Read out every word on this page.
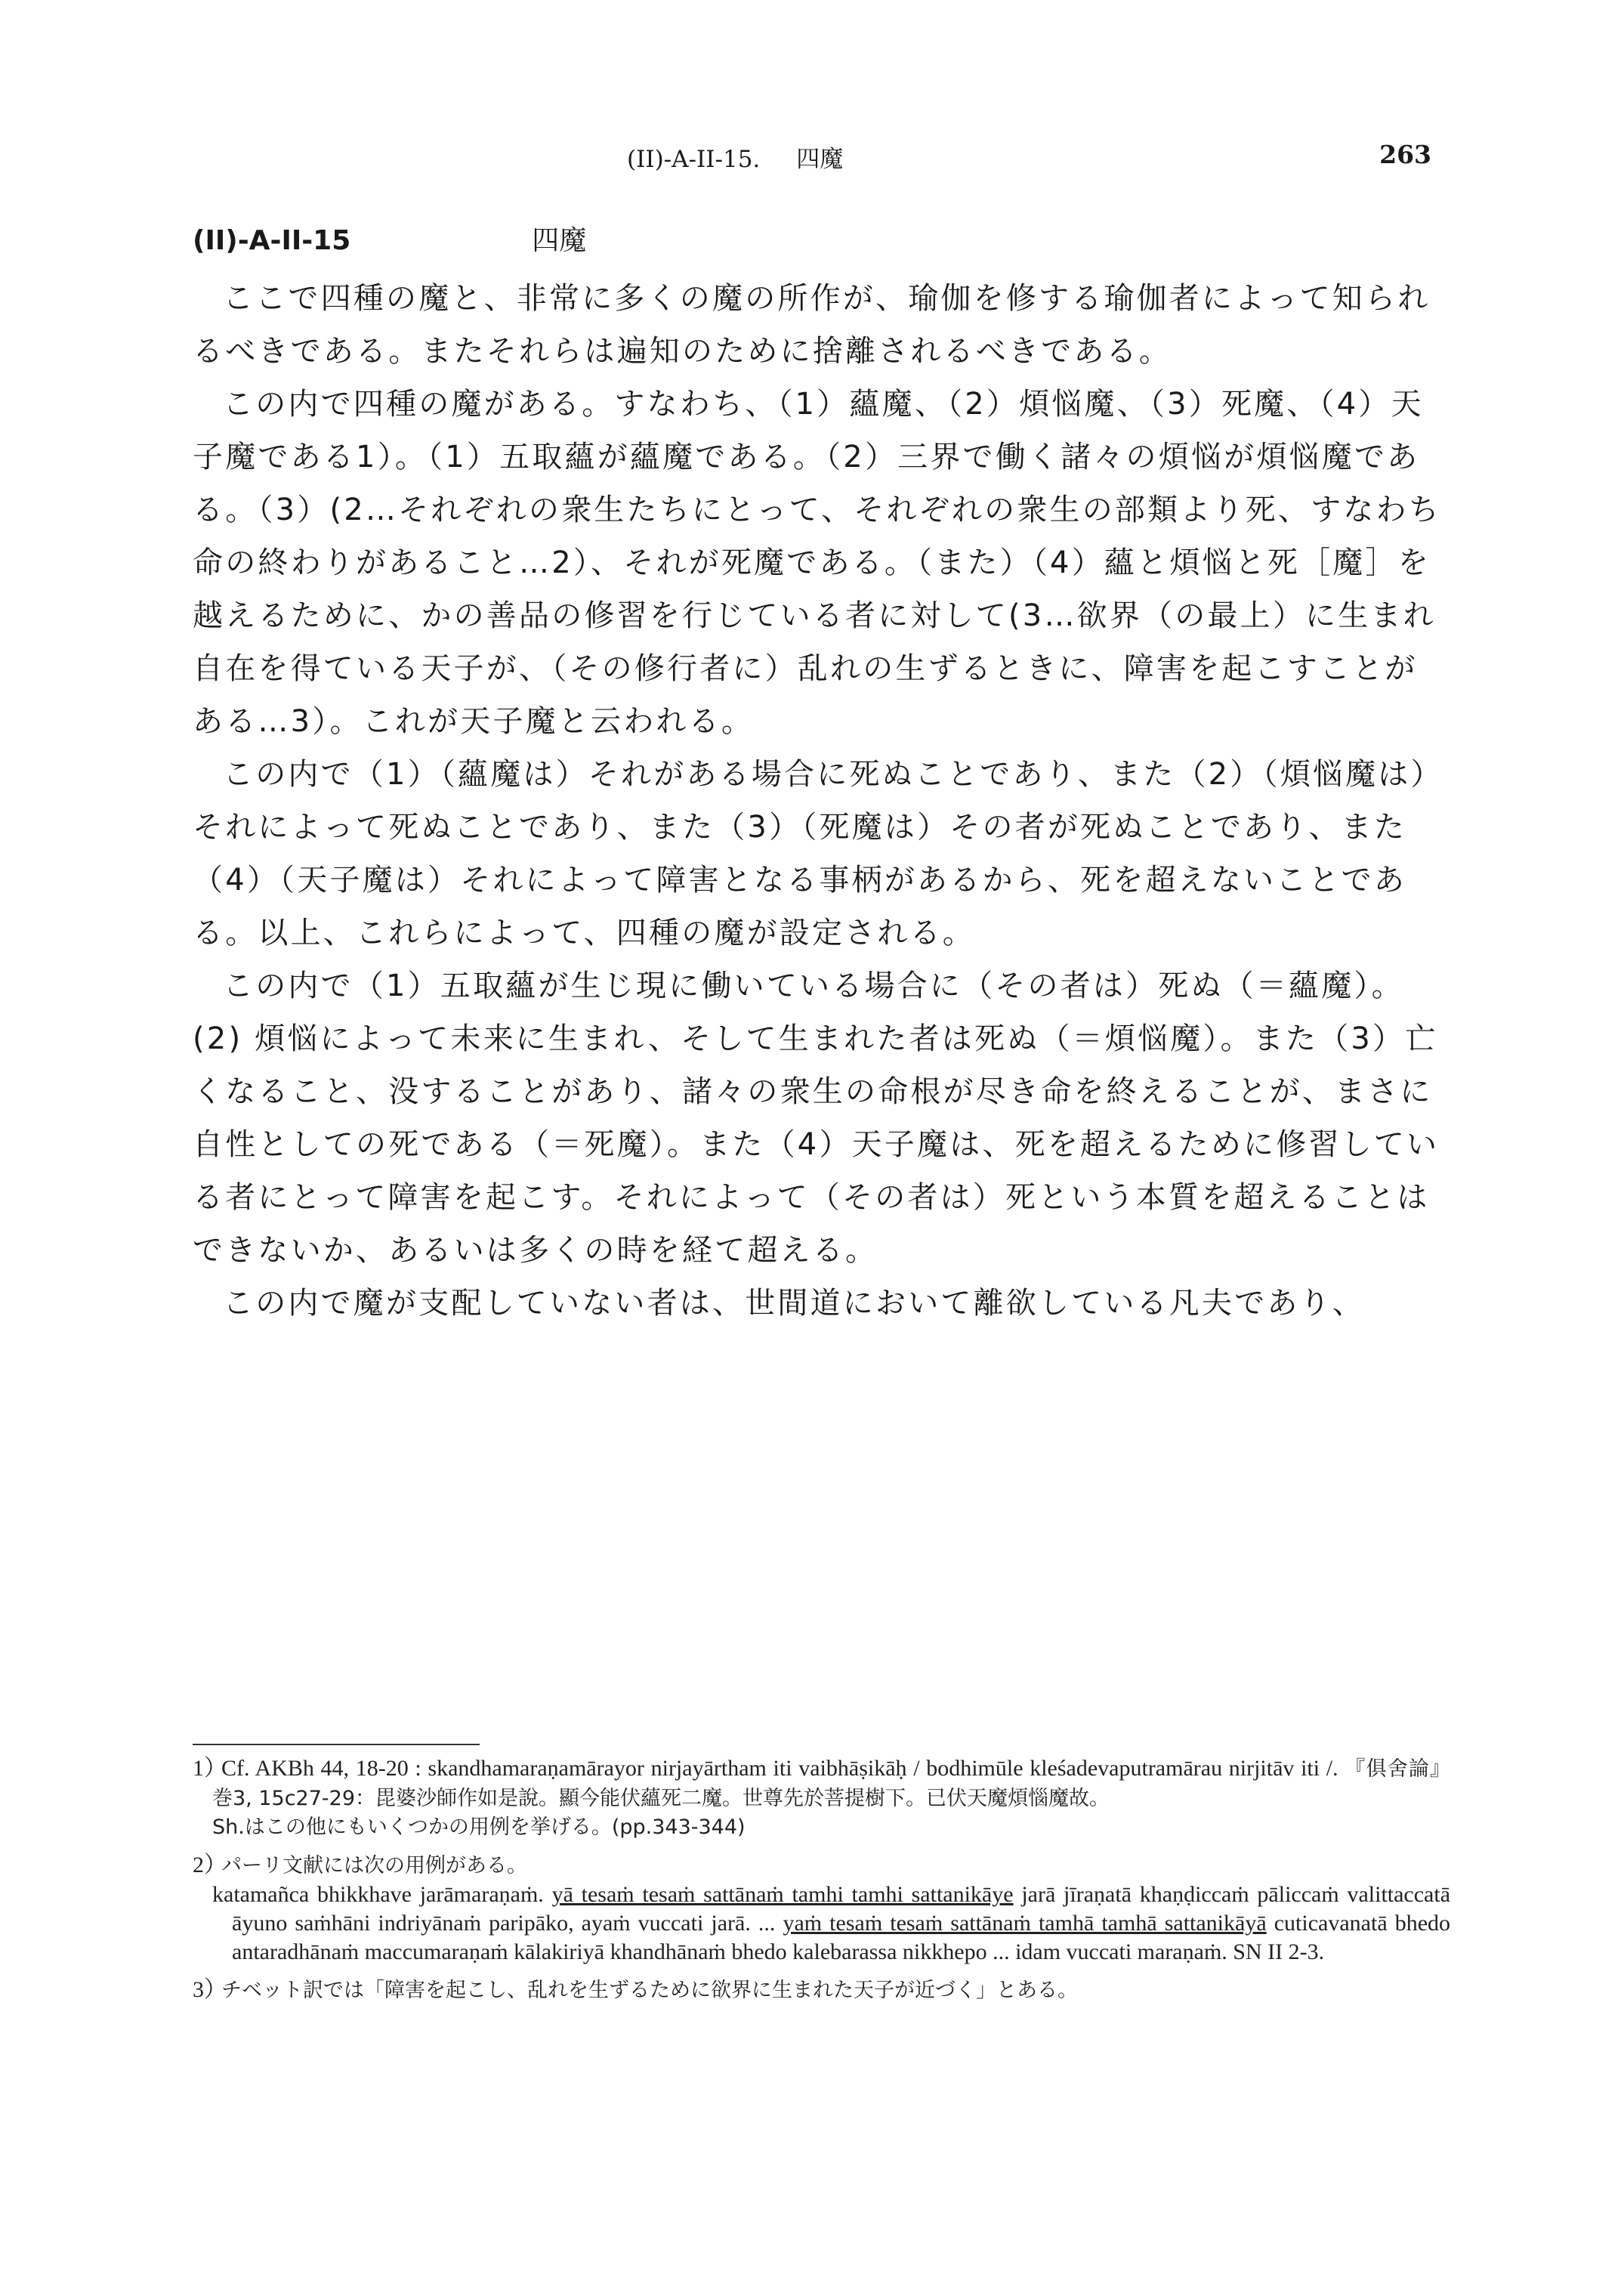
(II)-A-II-15. 四魔	263
(II)-A-II-15	四魔

ここで四種の魔と、非常に多くの魔の所作が、瑜伽を修する瑜伽者によって知られるべきである。またそれらは遍知のために捨離されるべきである。

この内で四種の魔がある。すなわち、（1）蘊魔、（2）煩悩魔、（3）死魔、（4）天子魔である1）。（1）五取蘊が蘊魔である。（2）三界で働く諸々の煩悩が煩悩魔である。（3）(2…それぞれの衆生たちにとって、それぞれの衆生の部類より死、すなわち命の終わりがあること…2）、それが死魔である。（また）（4）蘊と煩悩と死［魔］を越えるために、かの善品の修習を行じている者に対して(3…欲界（の最上）に生まれ自在を得ている天子が、（その修行者に）乱れの生ずるときに、障害を起こすことがある…3）。これが天子魔と云われる。

この内で（1）（蘊魔は）それがある場合に死ぬことであり、また（2）（煩悩魔は）それによって死ぬことであり、また（3）（死魔は）その者が死ぬことであり、また（4）（天子魔は）それによって障害となる事柄があるから、死を超えないことである。以上、これらによって、四種の魔が設定される。

この内で（1）五取蘊が生じ現に働いている場合に（その者は）死ぬ（＝蘊魔）。(2) 煩悩によって未来に生まれ、そして生まれた者は死ぬ（＝煩悩魔）。また（3）亡くなること、没することがあり、諸々の衆生の命根が尽き命を終えることが、まさに自性としての死である（＝死魔）。また（4）天子魔は、死を超えるために修習している者にとって障害を起こす。それによって（その者は）死という本質を超えることはできないか、あるいは多くの時を経て超える。

この内で魔が支配していない者は、世間道において離欲している凡夫であり、

1）Cf. AKBh 44, 18-20 : skandhamaraṇamārayor nirjayārtham iti vaibhāṣikāḥ / bodhimūle kleśadevaputramārau nirjitāv iti /. 『俱舍論』巻3, 15c27-29：毘婆沙師作如是說。顯今能伏蘊死二魔。世尊先於菩提樹下。已伏天魔煩惱魔故。
Sh.はこの他にもいくつかの用例を挙げる。(pp.343-344)
2）パーリ文献には次の用例がある。
katamañca bhikkhave jarāmaraṇaṁ. yā tesaṁ tesaṁ sattānaṁ tamhi tamhi sattanikāye jarā jīraṇatā khaṇḍiccaṁ pāliccaṁ valittaccatā āyuno saṁhāni indriyānaṁ paripāko, ayaṁ vuccati jarā. ... yaṁ tesaṁ tesaṁ sattānaṁ tamhā tamhā sattanikāyā cuticavanatā bhedo antaradhānaṁ maccumaraṇaṁ kālakiriyā khandhānaṁ bhedo kalebarassa nikkhepo ... idam vuccati maraṇaṁ. SN II 2-3.
3）チベット訳では「障害を起こし、乱れを生ずるために欲界に生まれた天子が近づく」とある。
